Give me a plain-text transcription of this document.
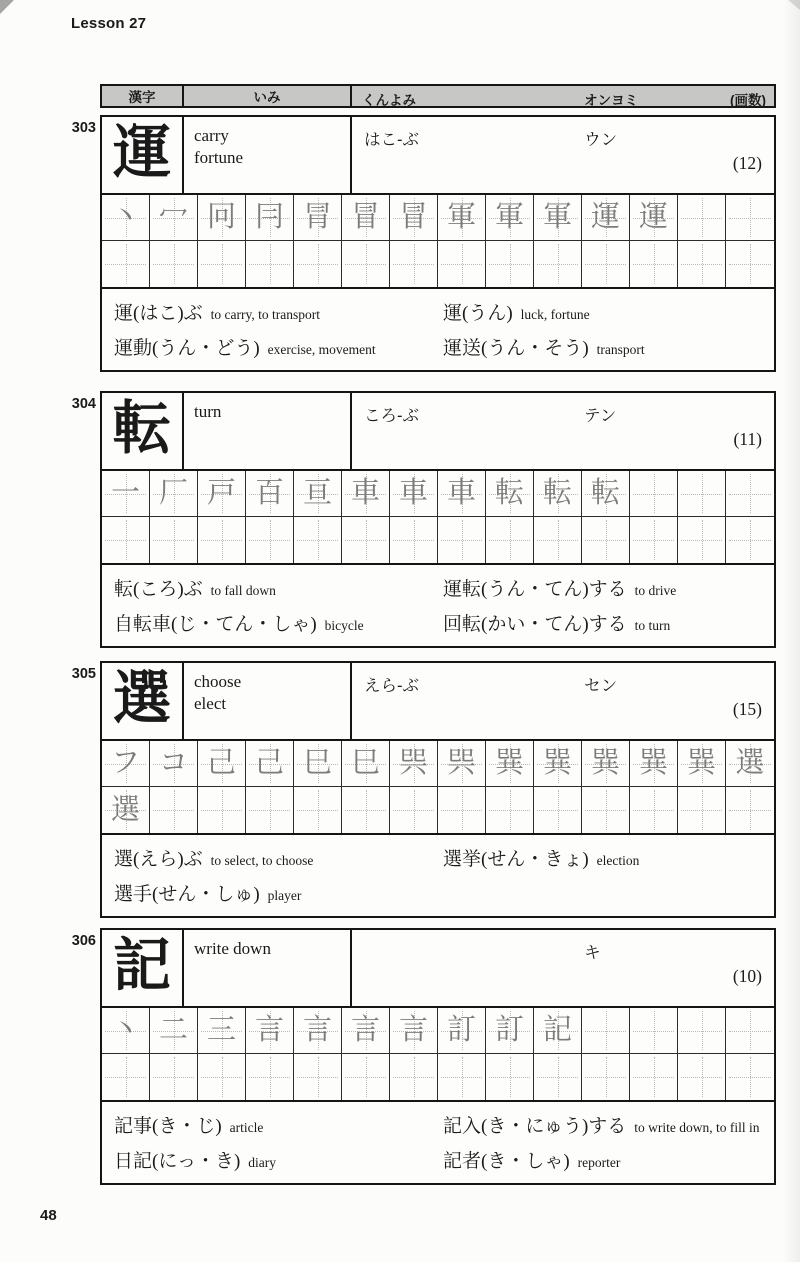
Lesson 27
漢字	いみ	くんよみ	オンヨミ	(画数)
303 運	carry
fortune
はこ-ぶ	ウン
(12)
丶 冖 冋 冃 冐 冒 冒 軍 軍 軍 運 運
運(はこ)ぶ to carry, to transport	運(うん) luck, fortune
運動(うん・どう) exercise, movement	運送(うん・そう) transport
304 転	turn	ころ-ぶ	テン
(11)
一 厂 戸 百 亘 車 車 車 転 転 転
転(ころ)ぶ to fall down	運転(うん・てん)する to drive
自転車(じ・てん・しゃ) bicycle	回転(かい・てん)する to turn
305 選	choose
elect
えら-ぶ	セン
(15)
フ コ 己 己 巳 巳 巺 巺 巽 巽 巽 巽 巽 選
選
選(えら)ぶ to select, to choose	選挙(せん・きょ) election
選手(せん・しゅ) player
306 記	write down	キ
(10)
丶 二 三 言 言 言 言 訂 訂 記
記事(き・じ) article	記入(き・にゅう)する to write down, to fill in
日記(にっ・き) diary	記者(き・しゃ) reporter
48
